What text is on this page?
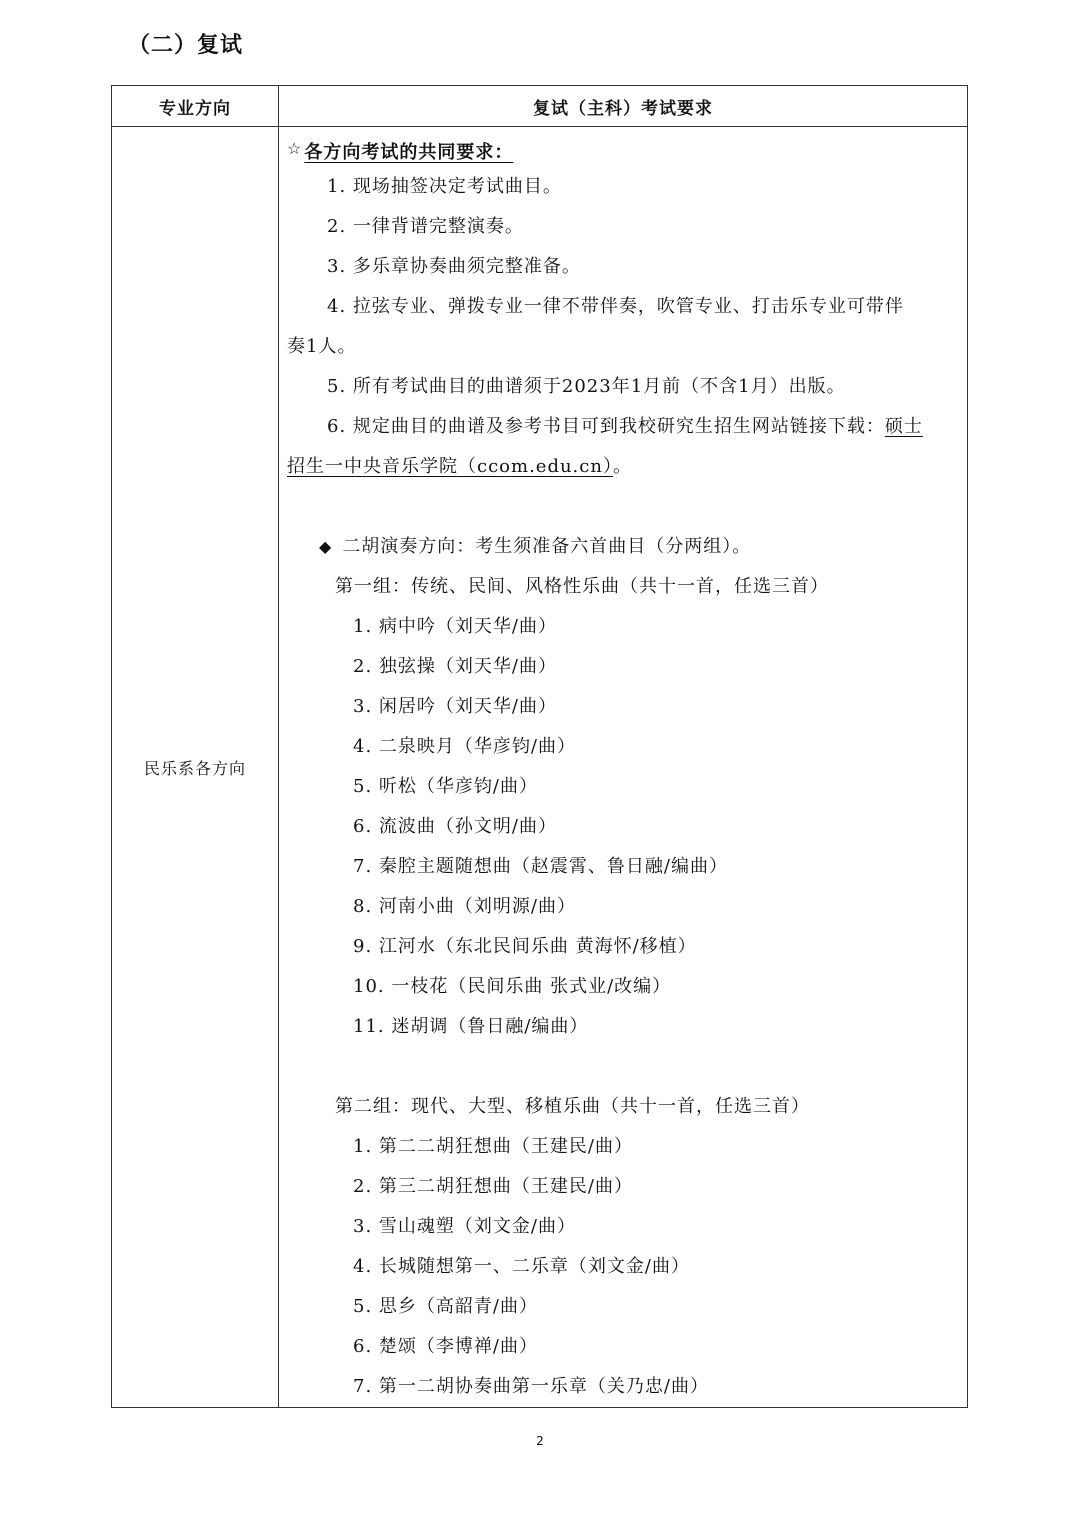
（二）复试
专业方向	复试（主科）考试要求
民乐系各方向
☆ 各方向考试的共同要求：
1. 现场抽签决定考试曲目。
2. 一律背谱完整演奏。
3. 多乐章协奏曲须完整准备。
4. 拉弦专业、弹拨专业一律不带伴奏，吹管专业、打击乐专业可带伴
奏1人。
5. 所有考试曲目的曲谱须于2023年1月前（不含1月）出版。
6. 规定曲目的曲谱及参考书目可到我校研究生招生网站链接下载：硕士
招生一中央音乐学院（ccom.edu.cn）。
◆ 二胡演奏方向：考生须准备六首曲目（分两组）。
第一组：传统、民间、风格性乐曲（共十一首，任选三首）
1. 病中吟（刘天华/曲）
2. 独弦操（刘天华/曲）
3. 闲居吟（刘天华/曲）
4. 二泉映月（华彦钧/曲）
5. 听松（华彦钧/曲）
6. 流波曲（孙文明/曲）
7. 秦腔主题随想曲（赵震霄、鲁日融/编曲）
8. 河南小曲（刘明源/曲）
9. 江河水（东北民间乐曲 黄海怀/移植）
10. 一枝花（民间乐曲 张式业/改编）
11. 迷胡调（鲁日融/编曲）
第二组：现代、大型、移植乐曲（共十一首，任选三首）
1. 第二二胡狂想曲（王建民/曲）
2. 第三二胡狂想曲（王建民/曲）
3. 雪山魂塑（刘文金/曲）
4. 长城随想第一、二乐章（刘文金/曲）
5. 思乡（高韶青/曲）
6. 楚颂（李博禅/曲）
7. 第一二胡协奏曲第一乐章（关乃忠/曲）
2
